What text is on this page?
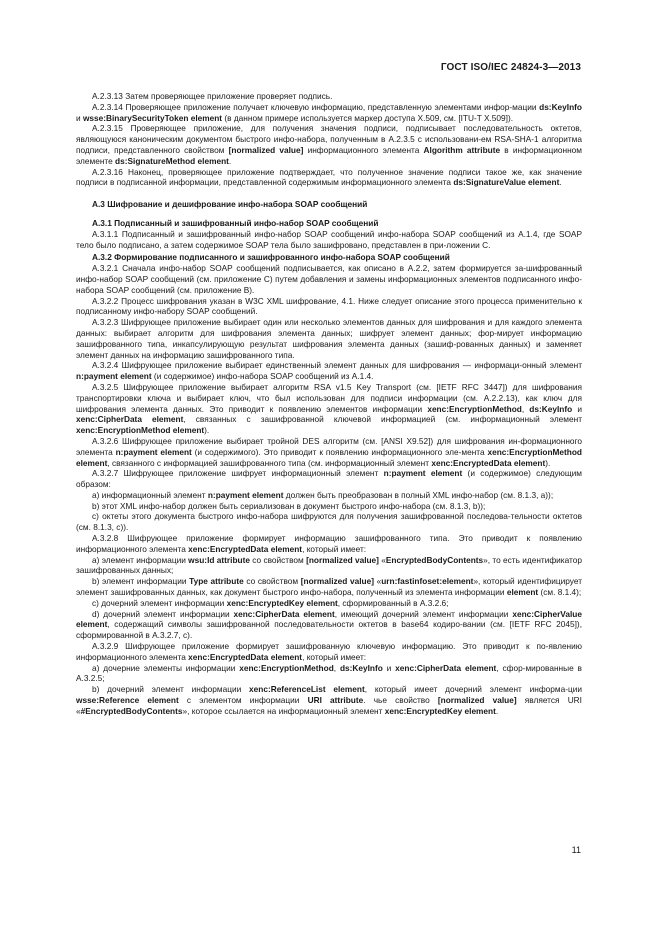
ГОСТ ISO/IEC 24824-3—2013

A.2.3.13 Затем проверяющее приложение проверяет подпись.

A.2.3.14 Проверяющее приложение получает ключевую информацию, представленную элементами инфор-мации ds:KeyInfo и wsse:BinarySecurityToken element (в данном примере используется маркер доступа X.509, см. [ITU-T X.509]).

A.2.3.15 Проверяющее приложение, для получения значения подписи, подписывает последовательность октетов, являющуюся каноническим документом быстрого инфо-набора, полученным в A.2.3.5 с использовани-ем RSA-SHA-1 алгоритма подписи, представленного свойством [normalized value] информационного элемента Algorithm attribute в информационном элементе ds:SignatureMethod element.

A.2.3.16 Наконец, проверяющее приложение подтверждает, что полученное значение подписи такое же, как значение подписи в подписанной информации, представленной содержимым информационного элемента ds:SignatureValue element.

A.3 Шифрование и дешифрование инфо-набора SOAP сообщений

A.3.1 Подписанный и зашифрованный инфо-набор SOAP сообщений

A.3.1.1 Подписанный и зашифрованный инфо-набор SOAP сообщений инфо-набора SOAP сообщений из A.1.4, где SOAP тело было подписано, а затем содержимое SOAP тела было зашифровано, представлен в при-ложении C.

A.3.2 Формирование подписанного и зашифрованного инфо-набора SOAP сообщений

A.3.2.1 Сначала инфо-набор SOAP сообщений подписывается, как описано в A.2.2, затем формируется за-шифрованный инфо-набор SOAP сообщений (см. приложение C) путем добавления и замены информационных элементов подписанного инфо-набора SOAP сообщений (см. приложение B).

A.3.2.2 Процесс шифрования указан в W3C XML шифрование, 4.1. Ниже следует описание этого процесса применительно к подписанному инфо-набору SOAP сообщений.

A.3.2.3 Шифрующее приложение выбирает один или несколько элементов данных для шифрования и для каждого элемента данных: выбирает алгоритм для шифрования элемента данных; шифрует элемент данных; фор-мирует информацию зашифрованного типа, инкапсулирующую результат шифрования элемента данных (зашиф-рованных данных) и заменяет элемент данных на информацию зашифрованного типа.

A.3.2.4 Шифрующее приложение выбирает единственный элемент данных для шифрования — информаци-онный элемент n:payment element (и содержимое) инфо-набора SOAP сообщений из A.1.4.

A.3.2.5 Шифрующее приложение выбирает алгоритм RSA v1.5 Key Transport (см. [IETF RFC 3447]) для шифрования транспортировки ключа и выбирает ключ, что был использован для подписи информации (см. A.2.2.13), как ключ для шифрования элемента данных. Это приводит к появлению элементов информации xenc:EncryptionMethod, ds:KeyInfo и xenc:CipherData element, связанных с зашифрованной ключевой информацией (см. информационный элемент xenc:EncryptionMethod element).

A.3.2.6 Шифрующее приложение выбирает тройной DES алгоритм (см. [ANSI X9.52]) для шифрования ин-формационного элемента n:payment element (и содержимого). Это приводит к появлению информационного эле-мента xenc:EncryptionMethod element, связанного с информацией зашифрованного типа (см. информационный элемент xenc:EncryptedData element).

A.3.2.7 Шифрующее приложение шифрует информационный элемент n:payment element (и содержимое) следующим образом:

а) информационный элемент n:payment element должен быть преобразован в полный XML инфо-набор (см. 8.1.3, а));

b) этот XML инфо-набор должен быть сериализован в документ быстрого инфо-набора (см. 8.1.3, b));

c) октеты этого документа быстрого инфо-набора шифруются для получения зашифрованной последова-тельности октетов (см. 8.1.3, c)).

A.3.2.8 Шифрующее приложение формирует информацию зашифрованного типа. Это приводит к появлению информационного элемента xenc:EncryptedData element, который имеет:

а) элемент информации wsu:Id attribute со свойством [normalized value] «EncryptedBodyContents», то есть идентификатор зашифрованных данных;

b) элемент информации Type attribute со свойством [normalized value] «urn:fastinfoset:element», который идентифицирует элемент зашифрованных данных, как документ быстрого инфо-набора, полученный из элемента информации element (см. 8.1.4);

c) дочерний элемент информации xenc:EncryptedKey element, сформированный в A.3.2.6;

d) дочерний элемент информации xenc:CipherData element, имеющий дочерний элемент информации xenc:CipherValue element, содержащий символы зашифрованной последовательности октетов в base64 кодиро-вании (см. [IETF RFC 2045]), сформированной в A.3.2.7, с).

A.3.2.9 Шифрующее приложение формирует зашифрованную ключевую информацию. Это приводит к по-явлению информационного элемента xenc:EncryptedData element, который имеет:

а) дочерние элементы информации xenc:EncryptionMethod, ds:KeyInfo и xenc:CipherData element, сфор-мированные в A.3.2.5;

b) дочерний элемент информации xenc:ReferenceList element, который имеет дочерний элемент информа-ции wsse:Reference element с элементом информации URI attribute. чье свойство [normalized value] является URI «#EncryptedBodyContents», которое ссылается на информационный элемент xenc:EncryptedKey element.

11
